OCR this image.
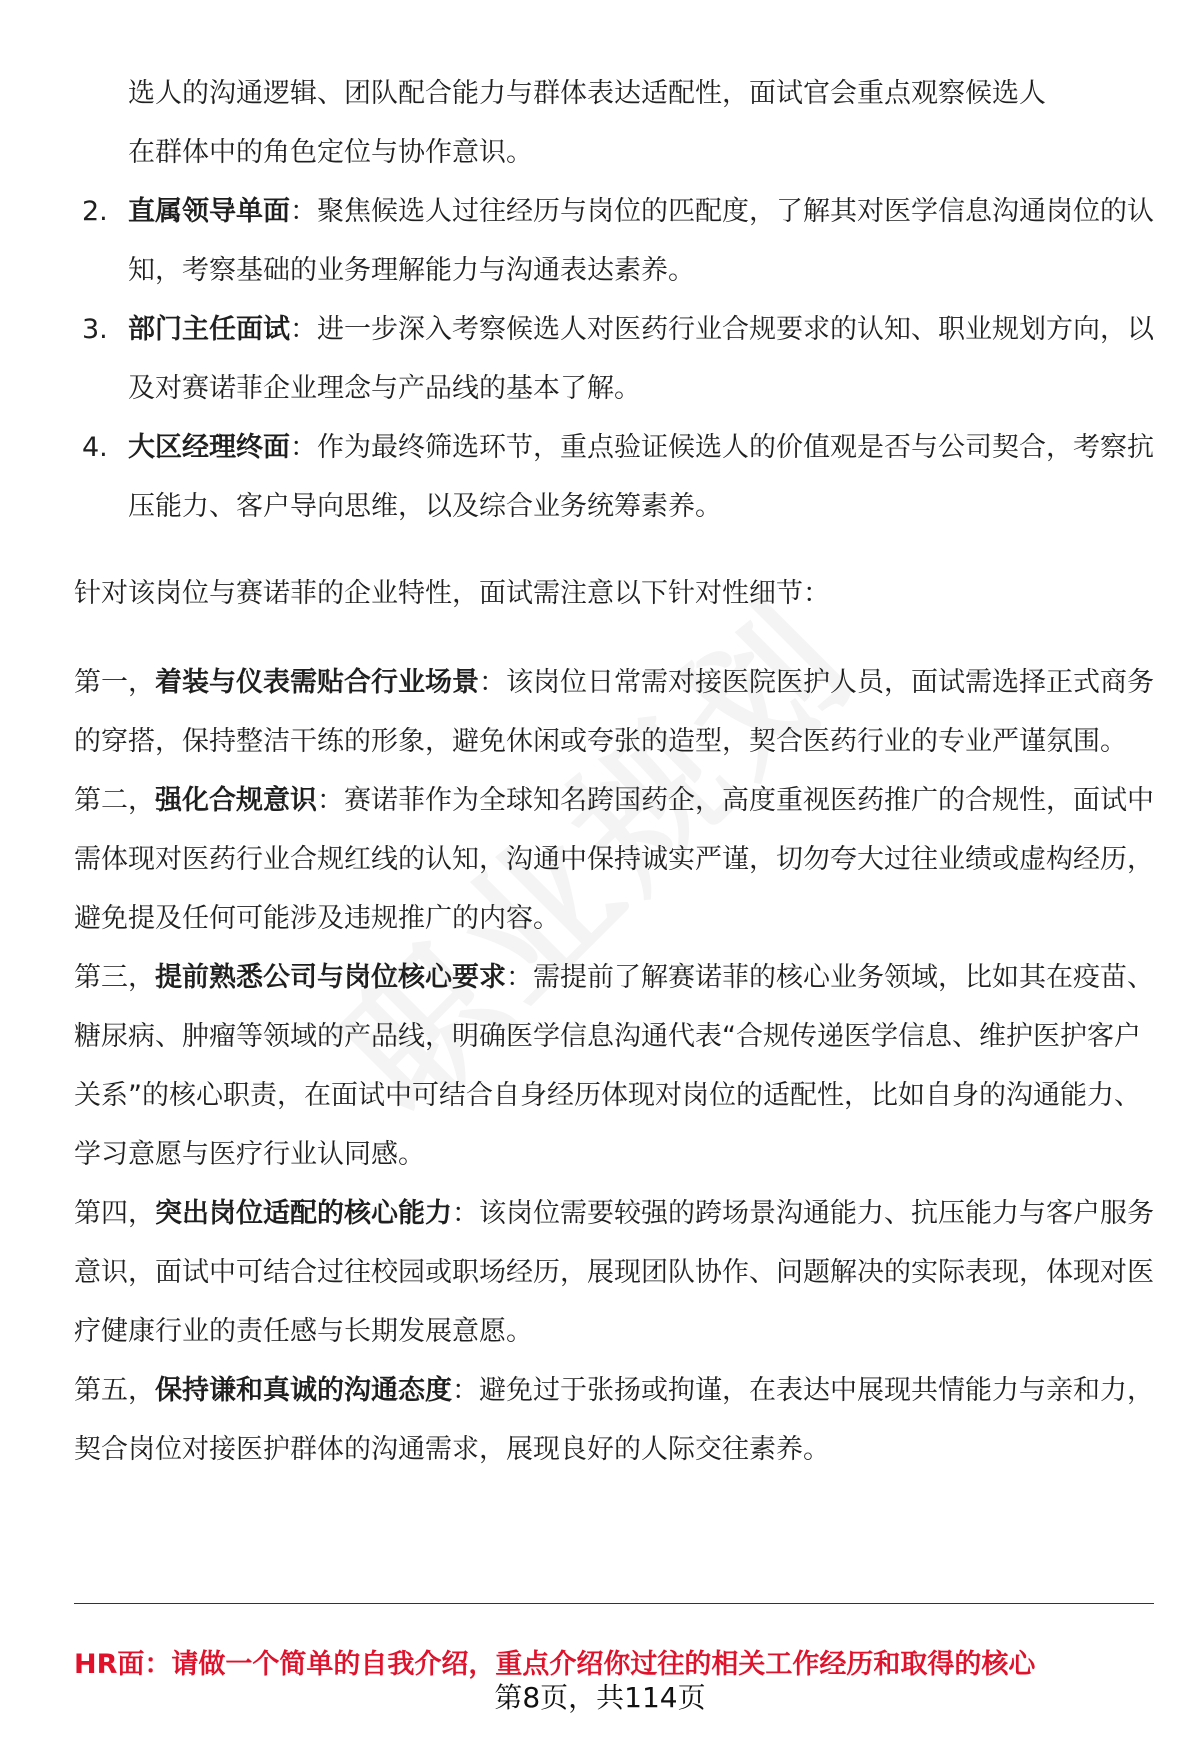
选人的沟通逻辑、团队配合能力与群体表达适配性，面试官会重点观察候选人

在群体中的角色定位与协作意识。

2. 直属领导单面：聚焦候选人过往经历与岗位的匹配度，了解其对医学信息沟通岗位的认知，考察基础的业务理解能力与沟通表达素养。
3. 部门主任面试：进一步深入考察候选人对医药行业合规要求的认知、职业规划方向，以及对赛诺菲企业理念与产品线的基本了解。
4. 大区经理终面：作为最终筛选环节，重点验证候选人的价值观是否与公司契合，考察抗压能力、客户导向思维，以及综合业务统筹素养。

针对该岗位与赛诺菲的企业特性，面试需注意以下针对性细节：

第一，着装与仪表需贴合行业场景：该岗位日常需对接医院医护人员，面试需选择正式商务的穿搭，保持整洁干练的形象，避免休闲或夸张的造型，契合医药行业的专业严谨氛围。

第二，强化合规意识：赛诺菲作为全球知名跨国药企，高度重视医药推广的合规性，面试中需体现对医药行业合规红线的认知，沟通中保持诚实严谨，切勿夸大过往业绩或虚构经历，避免提及任何可能涉及违规推广的内容。

第三，提前熟悉公司与岗位核心要求：需提前了解赛诺菲的核心业务领域，比如其在疫苗、糖尿病、肿瘤等领域的产品线，明确医学信息沟通代表“合规传递医学信息、维护医护客户关系”的核心职责，在面试中可结合自身经历体现对岗位的适配性，比如自身的沟通能力、学习意愿与医疗行业认同感。

第四，突出岗位适配的核心能力：该岗位需要较强的跨场景沟通能力、抗压能力与客户服务意识，面试中可结合过往校园或职场经历，展现团队协作、问题解决的实际表现，体现对医疗健康行业的责任感与长期发展意愿。

第五，保持谦和真诚的沟通态度：避免过于张扬或拘谨，在表达中展现共情能力与亲和力，契合岗位对接医护群体的沟通需求，展现良好的人际交往素养。

HR面：请做一个简单的自我介绍，重点介绍你过往的相关工作经历和取得的核心
第8页，共114页
